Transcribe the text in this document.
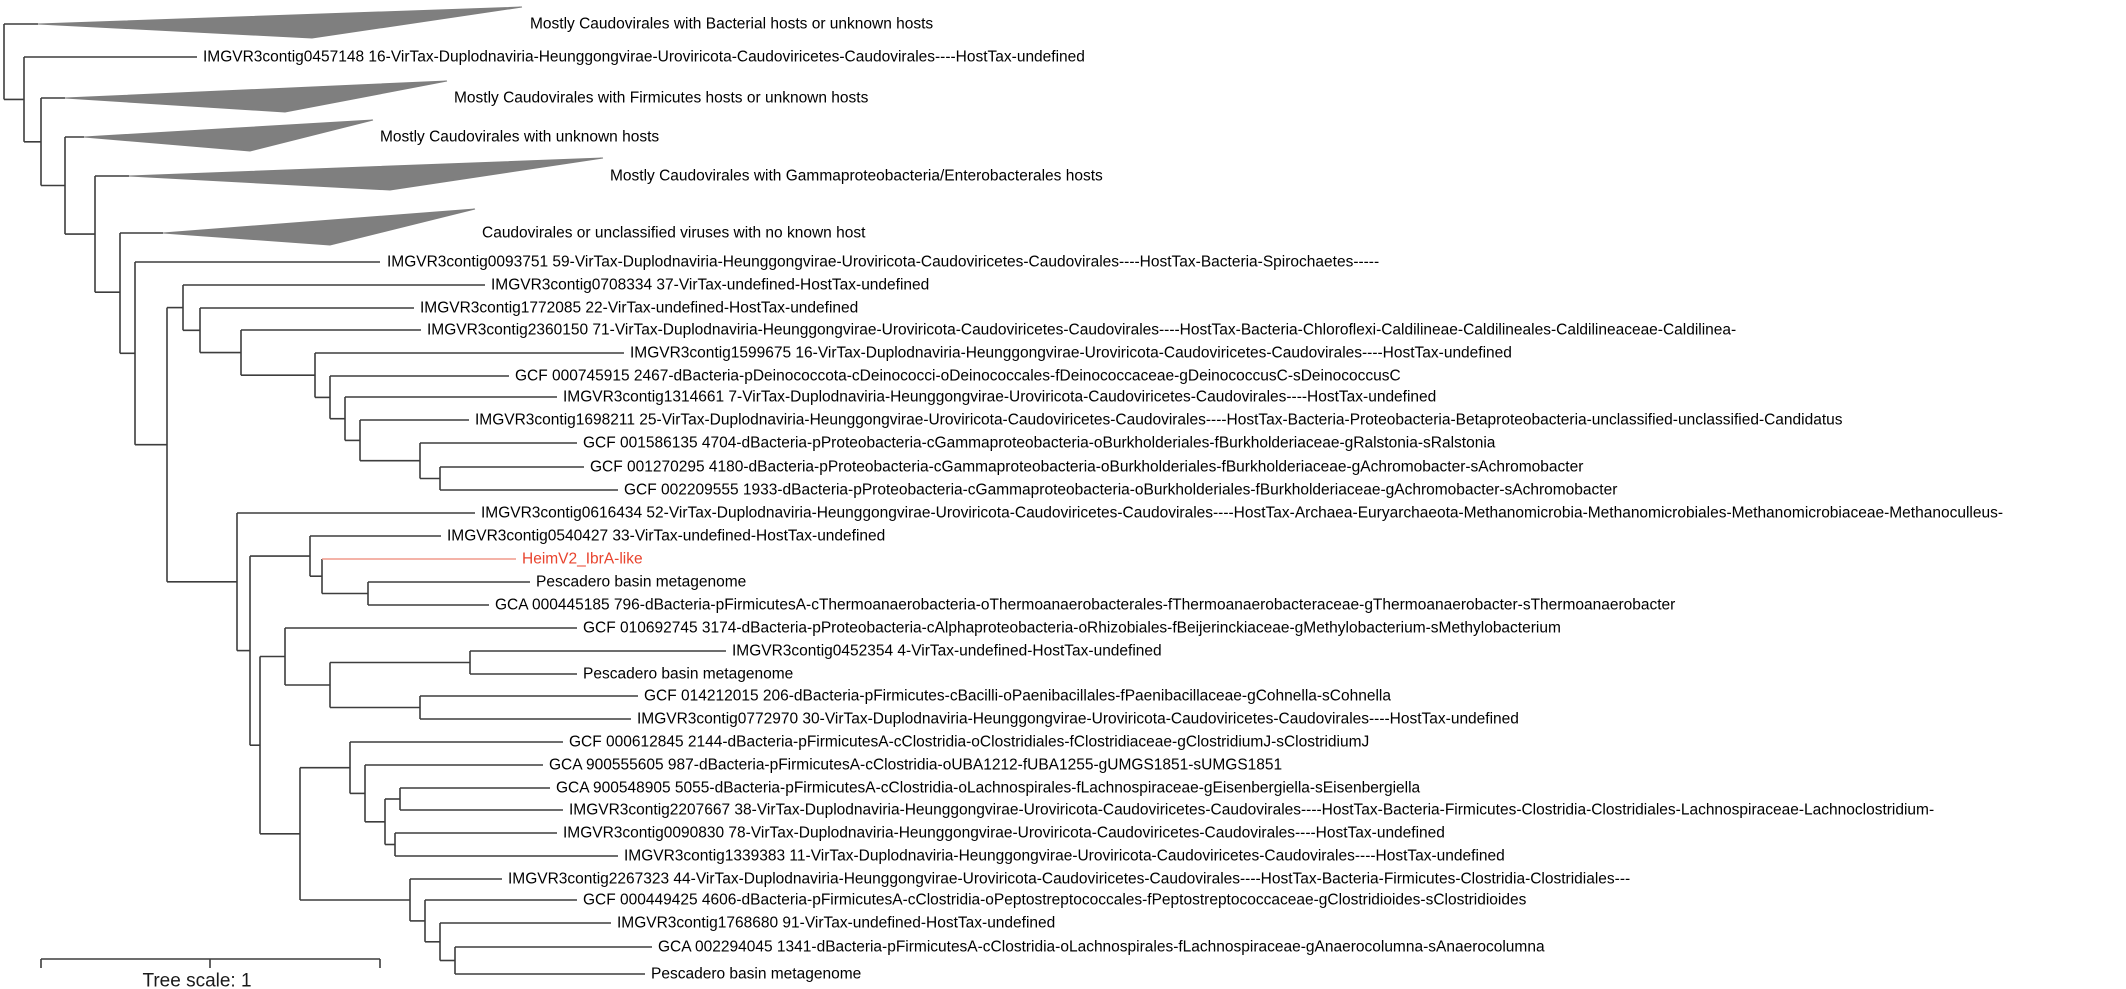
Mostly Caudovirales with Bacterial hosts or unknown hosts
IMGVR3contig0457148 16-VirTax-Duplodnaviria-Heunggongvirae-Uroviricota-Caudoviricetes-Caudovirales----HostTax-undefined
Mostly Caudovirales with Firmicutes hosts or unknown hosts
Mostly Caudovirales with unknown hosts
Mostly Caudovirales with Gammaproteobacteria/Enterobacterales hosts
Caudovirales or unclassified viruses with no known host
IMGVR3contig0093751 59-VirTax-Duplodnaviria-Heunggongvirae-Uroviricota-Caudoviricetes-Caudovirales----HostTax-Bacteria-Spirochaetes-----
IMGVR3contig0708334 37-VirTax-undefined-HostTax-undefined
IMGVR3contig1772085 22-VirTax-undefined-HostTax-undefined
IMGVR3contig2360150 71-VirTax-Duplodnaviria-Heunggongvirae-Uroviricota-Caudoviricetes-Caudovirales----HostTax-Bacteria-Chloroflexi-Caldilineae-Caldilineales-Caldilineaceae-Caldilinea-
IMGVR3contig1599675 16-VirTax-Duplodnaviria-Heunggongvirae-Uroviricota-Caudoviricetes-Caudovirales----HostTax-undefined
GCF 000745915 2467-dBacteria-pDeinococcota-cDeinococci-oDeinococcales-fDeinococcaceae-gDeinococcusC-sDeinococcusC
IMGVR3contig1314661 7-VirTax-Duplodnaviria-Heunggongvirae-Uroviricota-Caudoviricetes-Caudovirales----HostTax-undefined
IMGVR3contig1698211 25-VirTax-Duplodnaviria-Heunggongvirae-Uroviricota-Caudoviricetes-Caudovirales----HostTax-Bacteria-Proteobacteria-Betaproteobacteria-unclassified-unclassified-Candidatus
GCF 001586135 4704-dBacteria-pProteobacteria-cGammaproteobacteria-oBurkholderiales-fBurkholderiaceae-gRalstonia-sRalstonia
GCF 001270295 4180-dBacteria-pProteobacteria-cGammaproteobacteria-oBurkholderiales-fBurkholderiaceae-gAchromobacter-sAchromobacter
GCF 002209555 1933-dBacteria-pProteobacteria-cGammaproteobacteria-oBurkholderiales-fBurkholderiaceae-gAchromobacter-sAchromobacter
IMGVR3contig0616434 52-VirTax-Duplodnaviria-Heunggongvirae-Uroviricota-Caudoviricetes-Caudovirales----HostTax-Archaea-Euryarchaeota-Methanomicrobia-Methanomicrobiales-Methanomicrobiaceae-Methanoculleus-
IMGVR3contig0540427 33-VirTax-undefined-HostTax-undefined
HeimV2_IbrA-like
Pescadero basin metagenome
GCA 000445185 796-dBacteria-pFirmicutesA-cThermoanaerobacteria-oThermoanaerobacterales-fThermoanaerobacteraceae-gThermoanaerobacter-sThermoanaerobacter
GCF 010692745 3174-dBacteria-pProteobacteria-cAlphaproteobacteria-oRhizobiales-fBeijerinckiaceae-gMethylobacterium-sMethylobacterium
IMGVR3contig0452354 4-VirTax-undefined-HostTax-undefined
Pescadero basin metagenome
GCF 014212015 206-dBacteria-pFirmicutes-cBacilli-oPaenibacillales-fPaenibacillaceae-gCohnella-sCohnella
IMGVR3contig0772970 30-VirTax-Duplodnaviria-Heunggongvirae-Uroviricota-Caudoviricetes-Caudovirales----HostTax-undefined
GCF 000612845 2144-dBacteria-pFirmicutesA-cClostridia-oClostridiales-fClostridiaceae-gClostridiumJ-sClostridiumJ
GCA 900555605 987-dBacteria-pFirmicutesA-cClostridia-oUBA1212-fUBA1255-gUMGS1851-sUMGS1851
GCA 900548905 5055-dBacteria-pFirmicutesA-cClostridia-oLachnospirales-fLachnospiraceae-gEisenbergiella-sEisenbergiella
IMGVR3contig2207667 38-VirTax-Duplodnaviria-Heunggongvirae-Uroviricota-Caudoviricetes-Caudovirales----HostTax-Bacteria-Firmicutes-Clostridia-Clostridiales-Lachnospiraceae-Lachnoclostridium-
IMGVR3contig0090830 78-VirTax-Duplodnaviria-Heunggongvirae-Uroviricota-Caudoviricetes-Caudovirales----HostTax-undefined
IMGVR3contig1339383 11-VirTax-Duplodnaviria-Heunggongvirae-Uroviricota-Caudoviricetes-Caudovirales----HostTax-undefined
IMGVR3contig2267323 44-VirTax-Duplodnaviria-Heunggongvirae-Uroviricota-Caudoviricetes-Caudovirales----HostTax-Bacteria-Firmicutes-Clostridia-Clostridiales---
GCF 000449425 4606-dBacteria-pFirmicutesA-cClostridia-oPeptostreptococcales-fPeptostreptococcaceae-gClostridioides-sClostridioides
IMGVR3contig1768680 91-VirTax-undefined-HostTax-undefined
GCA 002294045 1341-dBacteria-pFirmicutesA-cClostridia-oLachnospirales-fLachnospiraceae-gAnaerocolumna-sAnaerocolumna
Pescadero basin metagenome
Tree scale: 1
